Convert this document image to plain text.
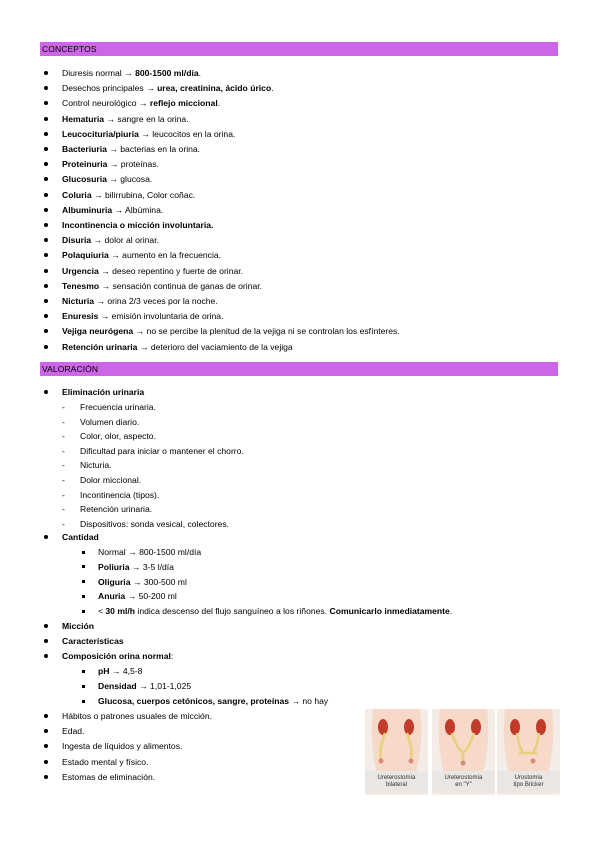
CONCEPTOS
Diuresis normal → 800-1500 ml/día.
Desechos principales → urea, creatinina, ácido úrico.
Control neurológico → reflejo miccional.
Hematuria → sangre en la orina.
Leucocituria/piuria → leucocitos en la orina.
Bacteriuria → bacterias en la orina.
Proteinuria → proteínas.
Glucosuria → glucosa.
Coluria → bilirrubina, Color coñac.
Albuminuria → Albúmina.
Incontinencia o micción involuntaria.
Disuria → dolor al orinar.
Polaquiuria → aumento en la frecuencia.
Urgencia → deseo repentino y fuerte de orinar.
Tenesmo → sensación continua de ganas de orinar.
Nicturia → orina 2/3 veces por la noche.
Enuresis → emisión involuntaria de orina.
Vejiga neurógena → no se percibe la plenitud de la vejiga ni se controlan los esfínteres.
Retención urinaria → deterioro del vaciamiento de la vejiga
VALORACIÓN
Eliminación urinaria
- Frecuencia urinaria.
- Volumen diario.
- Color, olor, aspecto.
- Dificultad para iniciar o mantener el chorro.
- Nicturia.
- Dolor miccional.
- Incontinencia (tipos).
- Retención urinaria.
- Dispositivos: sonda vesical, colectores.
Cantidad
Normal → 800-1500 ml/día
Poliuria → 3-5 l/día
Oliguria → 300-500 ml
Anuria → 50-200 ml
< 30 ml/h indica descenso del flujo sanguíneo a los riñones. Comunicarlo inmediatamente.
Micción
Características
Composición orina normal:
pH → 4,5-8
Densidad → 1,01-1,025
Glucosa, cuerpos cetónicos, sangre, proteínas → no hay
Hábitos o patrones usuales de micción.
Edad.
Ingesta de líquidos y alimentos.
Estado mental y físico.
Estomas de eliminación.	Ureterostomía
bilateral
Ureterostomía
en "Y"
Urostomía
tipo Bricker
